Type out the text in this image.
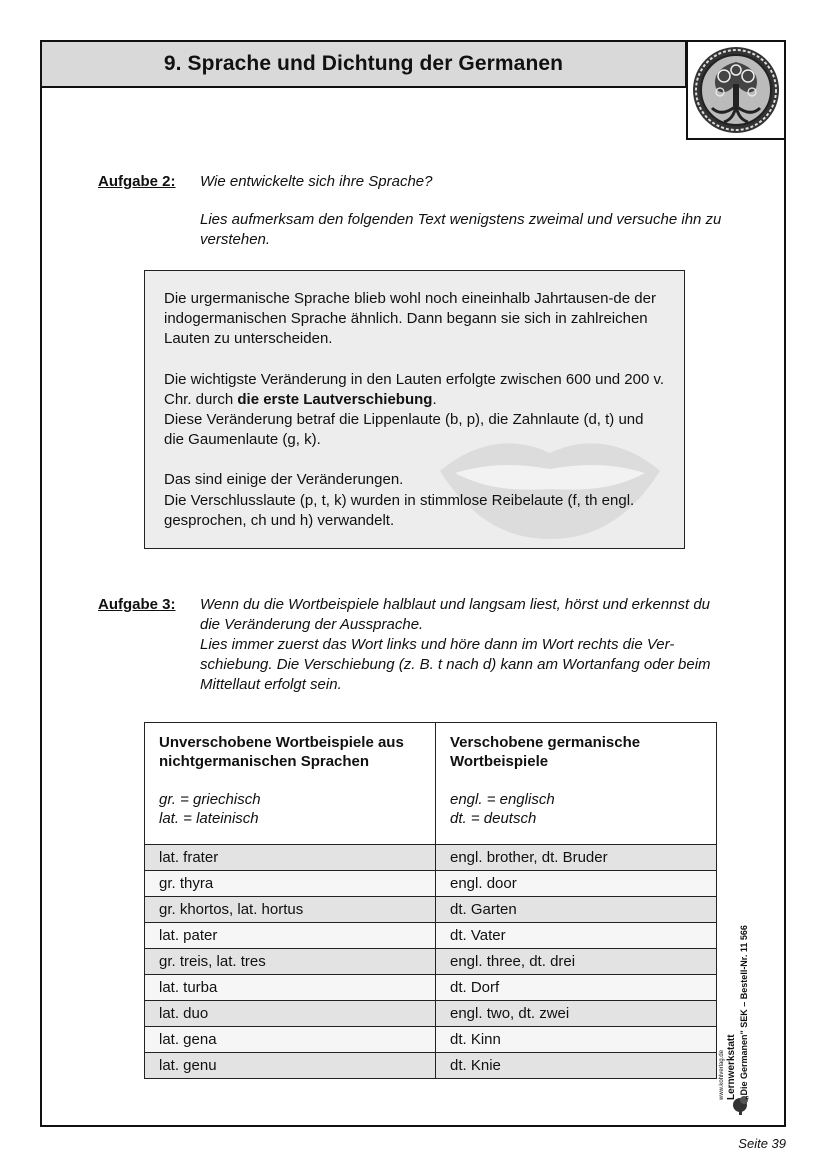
9. Sprache und Dichtung der Germanen
Aufgabe 2: Wie entwickelte sich ihre Sprache?

Lies aufmerksam den folgenden Text wenigstens zweimal und versuche ihn zu verstehen.

Die urgermanische Sprache blieb wohl noch eineinhalb Jahrtausen-de der indogermanischen Sprache ähnlich. Dann begann sie sich in zahlreichen Lauten zu unterscheiden.

Die wichtigste Veränderung in den Lauten erfolgte zwischen 600 und 200 v. Chr. durch die erste Lautverschiebung.
Diese Veränderung betraf die Lippenlaute (b, p), die Zahnlaute (d, t) und die Gaumenlaute (g, k).

Das sind einige der Veränderungen.
Die Verschlusslaute (p, t, k) wurden in stimmlose Reibelaute (f, th engl. gesprochen, ch und h) verwandelt.

Aufgabe 3: Wenn du die Wortbeispiele halblaut und langsam liest, hörst und erkennst du die Veränderung der Aussprache.

Lies immer zuerst das Wort links und höre dann im Wort rechts die Ver-schiebung. Die Verschiebung (z. B. t nach d) kann am Wortanfang oder beim Mittellaut erfolgt sein.

Unverschobene Wortbeispiele aus nichtgermanischen Sprachen
gr. = griechisch
lat. = lateinisch	Verschobene germanische Wortbeispiele
engl. = englisch
dt. = deutsch

lat. frater	engl. brother, dt. Bruder
gr. thyra	engl. door
gr. khortos, lat. hortus	dt. Garten
lat. pater	dt. Vater
gr. treis, lat. tres	engl. three, dt. drei
lat. turba	dt. Dorf
lat. duo	engl. two, dt. zwei
lat. gena	dt. Kinn
lat. genu	dt. Knie	www.kohlverlag.de Lernwerkstatt „Die Germanen" SEK – Bestell-Nr. 11 566
Seite 39
